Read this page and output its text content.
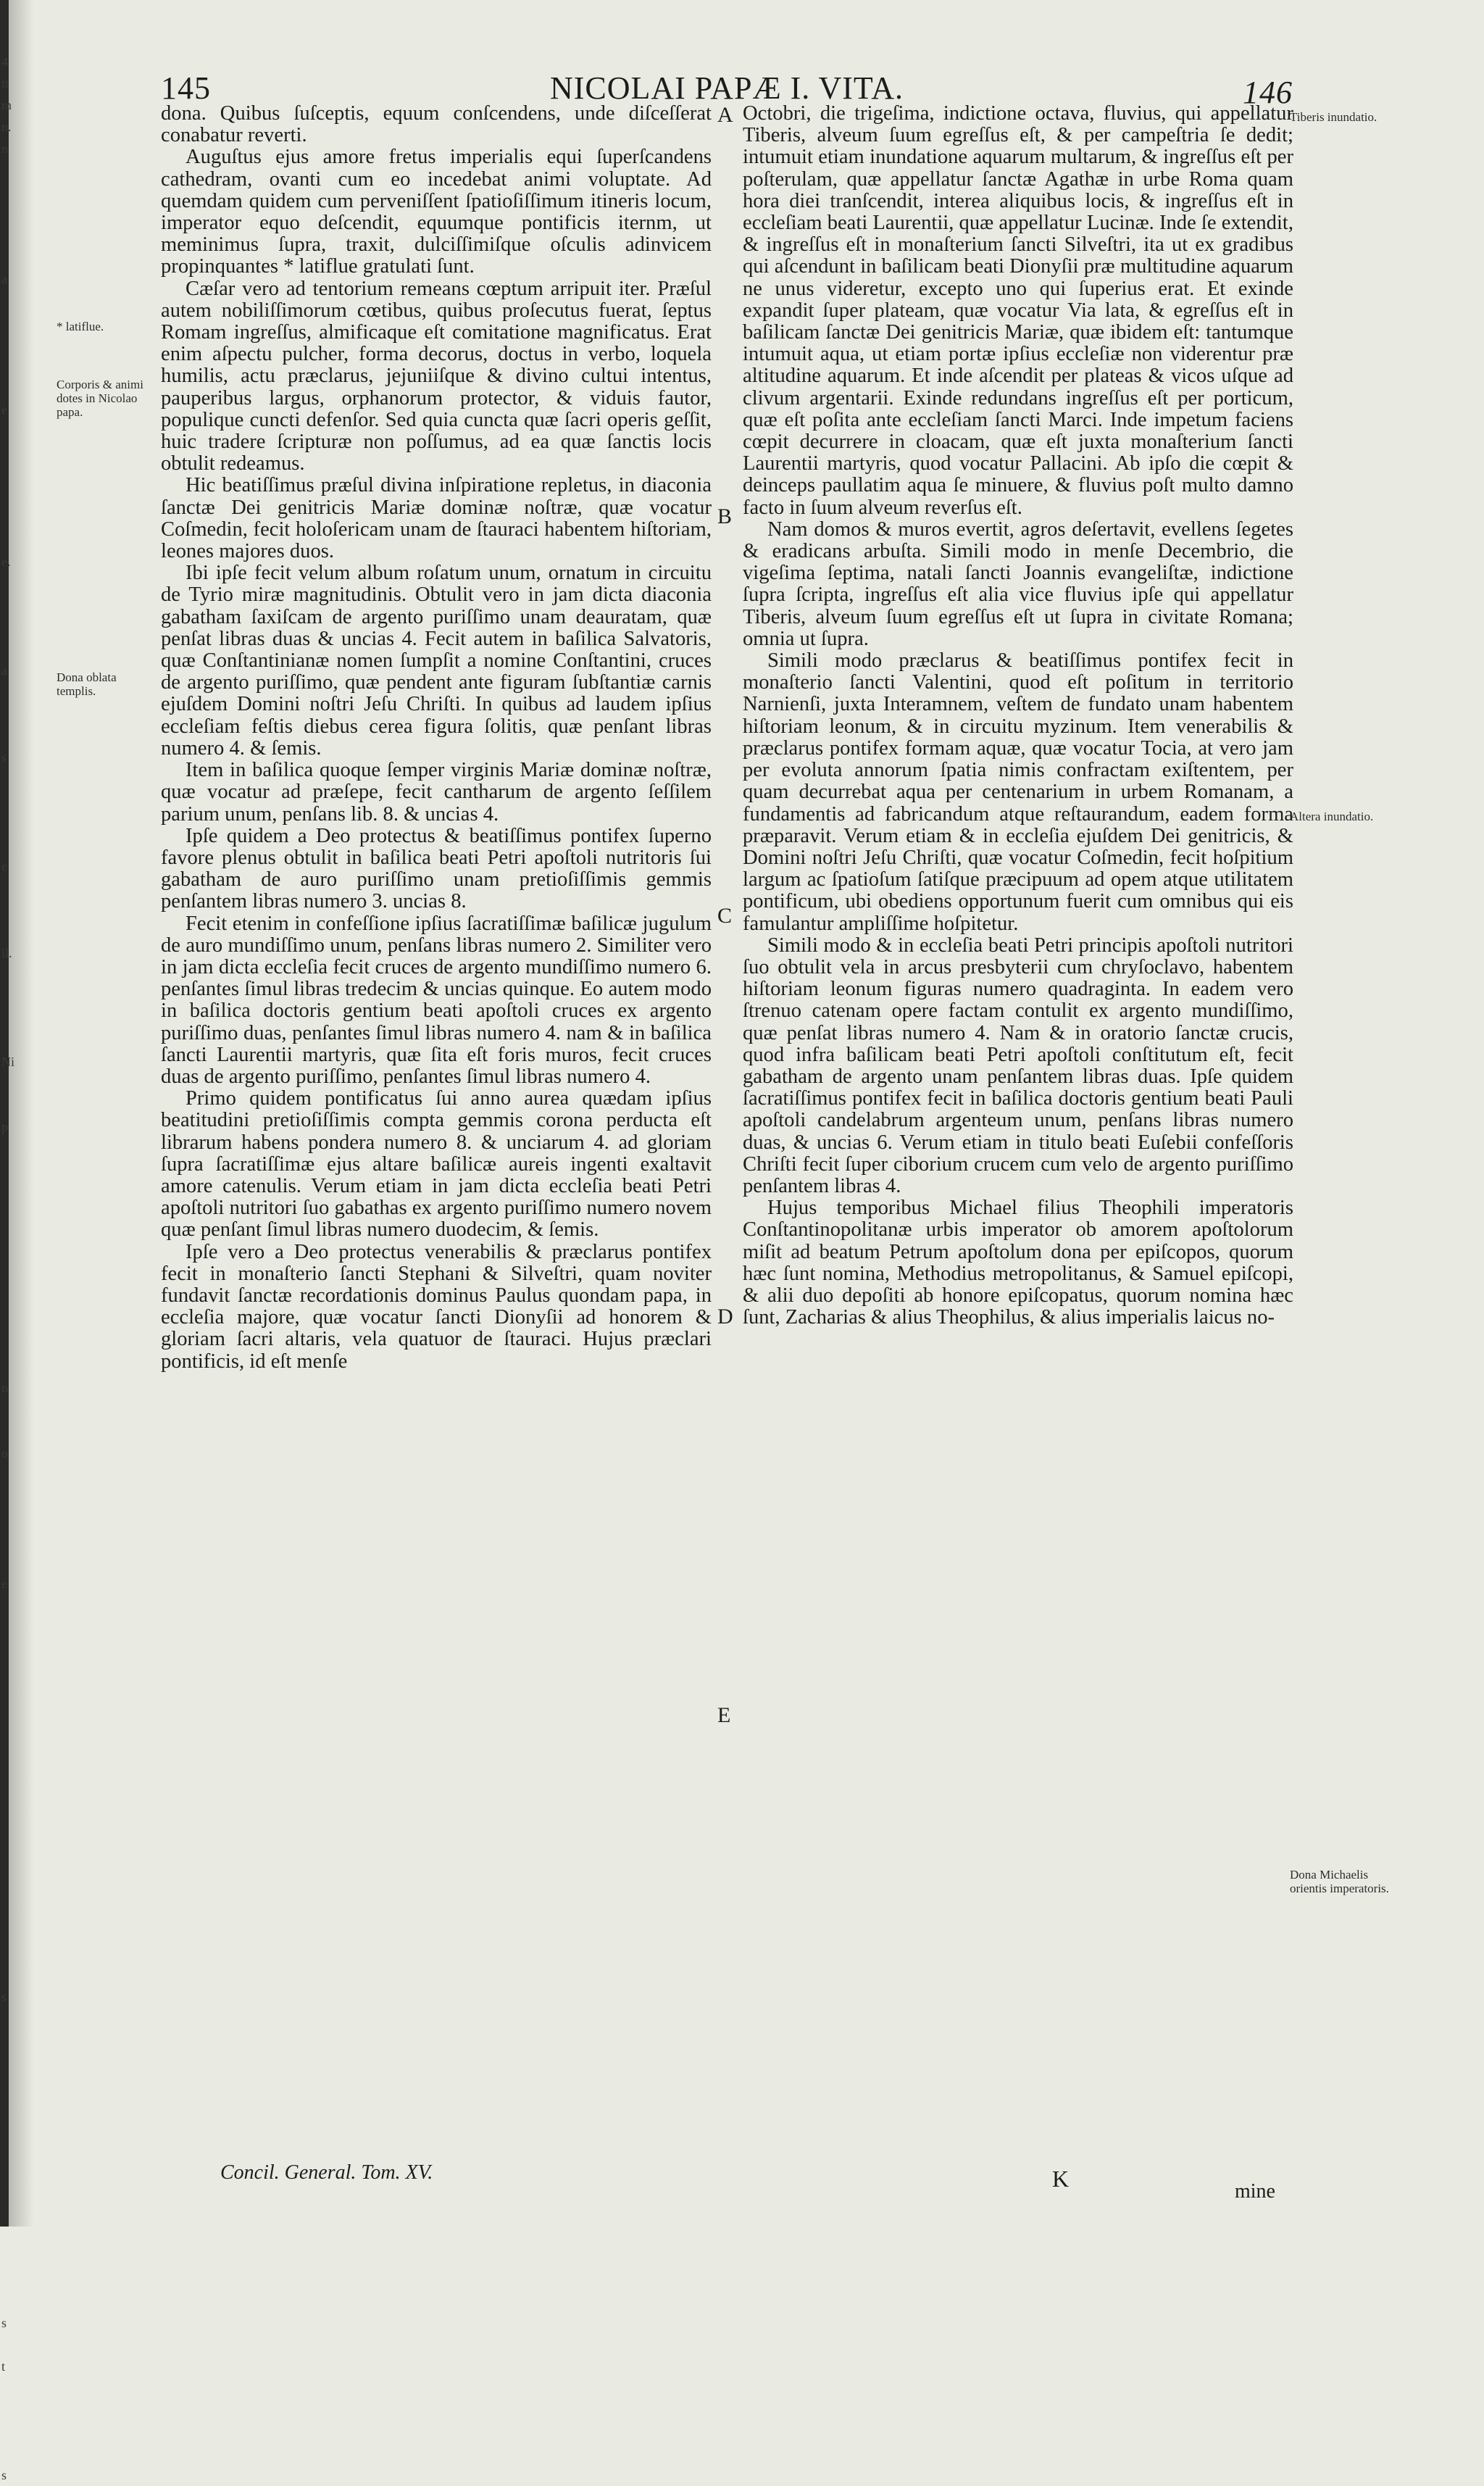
4
tt
m
n.
n
a
e
e.
a
s
e
il.
Ni
p
n
o
e
s
s
t
s
145	NICOLAI PAPÆ I. VITA.	146
* latiflue.
Corporis & animi dotes in Nicolao papa.
Dona oblata templis.
Tiberis inundatio.
Altera inundatio.
Dona Michaelis orientis imperatoris.
A
B
C
D
E

dona. Quibus ſuſceptis, equum conſcendens, unde diſceſſerat conabatur reverti.

Auguſtus ejus amore fretus imperialis equi ſuperſcandens cathedram, ovanti cum eo incedebat animi voluptate. Ad quemdam quidem cum perveniſſent ſpatioſiſſimum itineris locum, imperator equo deſcendit, equumque pontificis iternm, ut meminimus ſupra, traxit, dulciſſimiſque oſculis adinvicem propinquantes * latiflue gratulati ſunt.

Cæſar vero ad tentorium remeans cœptum arripuit iter. Præſul autem nobiliſſimorum cœtibus, quibus proſecutus fuerat, ſeptus Romam ingreſſus, almificaque eſt comitatione magnificatus. Erat enim aſpectu pulcher, forma decorus, doctus in verbo, loquela humilis, actu præclarus, jejuniiſque & divino cultui intentus, pauperibus largus, orphanorum protector, & viduis fautor, populique cuncti defenſor. Sed quia cuncta quæ ſacri operis geſſit, huic tradere ſcripturæ non poſſumus, ad ea quæ ſanctis locis obtulit redeamus.

Hic beatiſſimus præſul divina inſpiratione repletus, in diaconia ſanctæ Dei genitricis Mariæ dominæ noſtræ, quæ vocatur Coſmedin, fecit holoſericam unam de ſtauraci habentem hiſtoriam, leones majores duos.

Ibi ipſe fecit velum album roſatum unum, ornatum in circuitu de Tyrio miræ magnitudinis. Obtulit vero in jam dicta diaconia gabatham ſaxiſcam de argento puriſſimo unam deauratam, quæ penſat libras duas & uncias 4. Fecit autem in baſilica Salvatoris, quæ Conſtantinianæ nomen ſumpſit a nomine Conſtantini, cruces de argento puriſſimo, quæ pendent ante figuram ſubſtantiæ carnis ejuſdem Domini noſtri Jeſu Chriſti. In quibus ad laudem ipſius eccleſiam feſtis diebus cerea figura ſolitis, quæ penſant libras numero 4. & ſemis.

Item in baſilica quoque ſemper virginis Mariæ dominæ noſtræ, quæ vocatur ad præſepe, fecit cantharum de argento ſeſſilem parium unum, penſans lib. 8. & uncias 4.

Ipſe quidem a Deo protectus & beatiſſimus pontifex ſuperno favore plenus obtulit in baſilica beati Petri apoſtoli nutritoris ſui gabatham de auro puriſſimo unam pretioſiſſimis gemmis penſantem libras numero 3. uncias 8.

Fecit etenim in confeſſione ipſius ſacratiſſimæ baſilicæ jugulum de auro mundiſſimo unum, penſans libras numero 2. Similiter vero in jam dicta eccleſia fecit cruces de argento mundiſſimo numero 6. penſantes ſimul libras tredecim & uncias quinque. Eo autem modo in baſilica doctoris gentium beati apoſtoli cruces ex argento puriſſimo duas, penſantes ſimul libras numero 4. nam & in baſilica ſancti Laurentii martyris, quæ ſita eſt foris muros, fecit cruces duas de argento puriſſimo, penſantes ſimul libras numero 4.

Primo quidem pontificatus ſui anno aurea quædam ipſius beatitudini pretioſiſſimis compta gemmis corona perducta eſt librarum habens pondera numero 8. & unciarum 4. ad gloriam ſupra ſacratiſſimæ ejus altare baſilicæ aureis ingenti exaltavit amore catenulis. Verum etiam in jam dicta eccleſia beati Petri apoſtoli nutritori ſuo gabathas ex argento puriſſimo numero novem quæ penſant ſimul libras numero duodecim, & ſemis.

Ipſe vero a Deo protectus venerabilis & præclarus pontifex fecit in monaſterio ſancti Stephani & Silveſtri, quam noviter fundavit ſanctæ recordationis dominus Paulus quondam papa, in eccleſia majore, quæ vocatur ſancti Dionyſii ad honorem & gloriam ſacri altaris, vela quatuor de ſtauraci. Hujus præclari pontificis, id eſt menſe

Octobri, die trigeſima, indictione octava, fluvius, qui appellatur Tiberis, alveum ſuum egreſſus eſt, & per campeſtria ſe dedit; intumuit etiam inundatione aquarum multarum, & ingreſſus eſt per poſterulam, quæ appellatur ſanctæ Agathæ in urbe Roma quam hora diei tranſcendit, interea aliquibus locis, & ingreſſus eſt in eccleſiam beati Laurentii, quæ appellatur Lucinæ. Inde ſe extendit, & ingreſſus eſt in monaſterium ſancti Silveſtri, ita ut ex gradibus qui aſcendunt in baſilicam beati Dionyſii præ multitudine aquarum ne unus videretur, excepto uno qui ſuperius erat. Et exinde expandit ſuper plateam, quæ vocatur Via lata, & egreſſus eſt in baſilicam ſanctæ Dei genitricis Mariæ, quæ ibidem eſt: tantumque intumuit aqua, ut etiam portæ ipſius eccleſiæ non viderentur præ altitudine aquarum. Et inde aſcendit per plateas & vicos uſque ad clivum argentarii. Exinde redundans ingreſſus eſt per porticum, quæ eſt poſita ante eccleſiam ſancti Marci. Inde impetum faciens cœpit decurrere in cloacam, quæ eſt juxta monaſterium ſancti Laurentii martyris, quod vocatur Pallacini. Ab ipſo die cœpit & deinceps paullatim aqua ſe minuere, & fluvius poſt multo damno facto in ſuum alveum reverſus eſt.

Nam domos & muros evertit, agros deſertavit, evellens ſegetes & eradicans arbuſta. Simili modo in menſe Decembrio, die vigeſima ſeptima, natali ſancti Joannis evangeliſtæ, indictione ſupra ſcripta, ingreſſus eſt alia vice fluvius ipſe qui appellatur Tiberis, alveum ſuum egreſſus eſt ut ſupra in civitate Romana; omnia ut ſupra.

Simili modo præclarus & beatiſſimus pontifex fecit in monaſterio ſancti Valentini, quod eſt poſitum in territorio Narnienſi, juxta Interamnem, veſtem de fundato unam habentem hiſtoriam leonum, & in circuitu myzinum. Item venerabilis & præclarus pontifex formam aquæ, quæ vocatur Tocia, at vero jam per evoluta annorum ſpatia nimis confractam exiſtentem, per quam decurrebat aqua per centenarium in urbem Romanam, a fundamentis ad fabricandum atque reſtaurandum, eadem forma præparavit. Verum etiam & in eccleſia ejuſdem Dei genitricis, & Domini noſtri Jeſu Chriſti, quæ vocatur Coſmedin, fecit hoſpitium largum ac ſpatioſum ſatiſque præcipuum ad opem atque utilitatem pontificum, ubi obediens opportunum fuerit cum omnibus qui eis famulantur ampliſſime hoſpitetur.

Simili modo & in eccleſia beati Petri principis apoſtoli nutritori ſuo obtulit vela in arcus presbyterii cum chryſoclavo, habentem hiſtoriam leonum figuras numero quadraginta. In eadem vero ſtrenuo catenam opere factam contulit ex argento mundiſſimo, quæ penſat libras numero 4. Nam & in oratorio ſanctæ crucis, quod infra baſilicam beati Petri apoſtoli conſtitutum eſt, fecit gabatham de argento unam penſantem libras duas. Ipſe quidem ſacratiſſimus pontifex fecit in baſilica doctoris gentium beati Pauli apoſtoli candelabrum argenteum unum, penſans libras numero duas, & uncias 6. Verum etiam in titulo beati Euſebii confeſſoris Chriſti fecit ſuper ciborium crucem cum velo de argento puriſſimo penſantem libras 4.

Hujus temporibus Michael filius Theophili imperatoris Conſtantinopolitanæ urbis imperator ob amorem apoſtolorum miſit ad beatum Petrum apoſtolum dona per epiſcopos, quorum hæc ſunt nomina, Methodius metropolitanus, & Samuel epiſcopi, & alii duo depoſiti ab honore epiſcopatus, quorum nomina hæc ſunt, Zacharias & alius Theophilus, & alius imperialis laicus no-

Concil. General. Tom. XV.	K	mine
